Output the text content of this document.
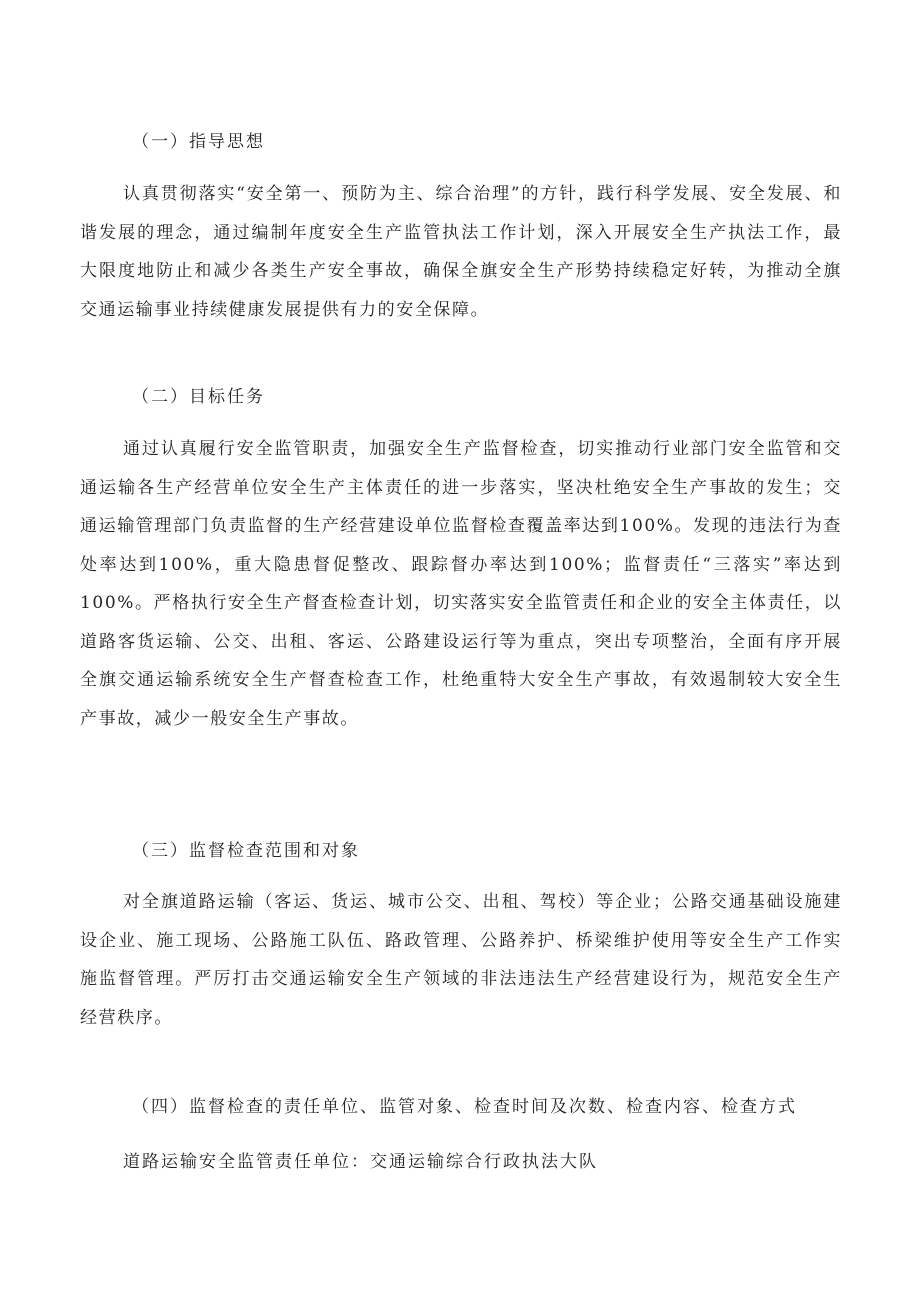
（一）指导思想

认真贯彻落实“安全第一、预防为主、综合治理”的方针，践行科学发展、安全发展、和谐发展的理念，通过编制年度安全生产监管执法工作计划，深入开展安全生产执法工作，最大限度地防止和减少各类生产安全事故，确保全旗安全生产形势持续稳定好转，为推动全旗交通运输事业持续健康发展提供有力的安全保障。

（二）目标任务

通过认真履行安全监管职责，加强安全生产监督检查，切实推动行业部门安全监管和交通运输各生产经营单位安全生产主体责任的进一步落实，坚决杜绝安全生产事故的发生；交通运输管理部门负责监督的生产经营建设单位监督检查覆盖率达到100%。发现的违法行为查处率达到100%，重大隐患督促整改、跟踪督办率达到100%；监督责任“三落实”率达到100%。严格执行安全生产督查检查计划，切实落实安全监管责任和企业的安全主体责任，以道路客货运输、公交、出租、客运、公路建设运行等为重点，突出专项整治，全面有序开展全旗交通运输系统安全生产督查检查工作，杜绝重特大安全生产事故，有效遏制较大安全生产事故，减少一般安全生产事故。

（三）监督检查范围和对象

对全旗道路运输（客运、货运、城市公交、出租、驾校）等企业；公路交通基础设施建设企业、施工现场、公路施工队伍、路政管理、公路养护、桥梁维护使用等安全生产工作实施监督管理。严厉打击交通运输安全生产领域的非法违法生产经营建设行为，规范安全生产经营秩序。

（四）监督检查的责任单位、监管对象、检查时间及次数、检查内容、检查方式
道路运输安全监管责任单位：交通运输综合行政执法大队
